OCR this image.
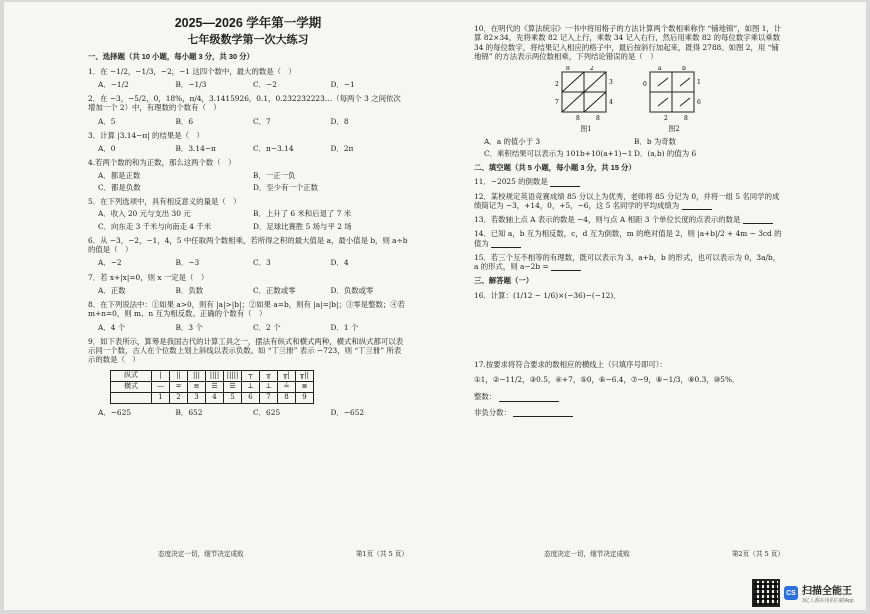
2025—2026 学年第一学期
七年级数学第一次大练习
一、选择题（共 10 小题，每小题 3 分，共 30 分）
1．在 −1/2，−1/3，−2，−1 这四个数中，最大的数是（　）
A．−1/2	B．−1/3	C．−2	D．−1
2．在 −3，−5/2，0，18%，π/4，3.1415926，0.1，0.232232223…（每两个 3 之间依次增加一个 2）中，有理数的个数有（　）
A．5	B．6	C．7	D．8
3．计算 |3.14−π| 的结果是（　）
A．0	B．3.14−π	C．π−3.14	D．2π
4.若两个数的和为正数，那么这两个数（　）
A．都是正数	B．一正一负
C．都是负数	D．至少有一个正数
5．在下列选项中，具有相反意义的量是（　）
A．收入 20 元与支出 30 元	B．上升了 6 米和后退了 7 米
C．向东走 3 千米与向南走 4 千米	D．足球比赛胜 5 场与平 2 场
6．从 −3，−2，−1，4，5 中任取两个数相乘，若所得之积的最大值是 a，最小值是 b，则 a÷b 的值是（　）
A．−2	B．−3	C．3	D．4
7．若 x+|x|=0，则 x 一定是（　）
A．正数	B．负数	C．正数或零	D．负数或零
8．在下列说法中：①如果 a>0，则有 |a|>|b|；②如果 a=b，则有 |a|=|b|；③零是整数；④若 m+n=0，则 m、n 互为相反数。正确的个数有（　）
A．4 个	B．3 个	C．2 个	D．1 个
9．如下表所示，算筹是我国古代的计算工具之一，摆法有纵式和横式两种，横式和纵式都可以表示同一个数，古人在个位数上划上斜线以表示负数。如 “丅亖卌” 表示 −723，则 “丅亖卌” 所表示的数是（　）
纵式	|	||	|||	||||	|||||	┬	╥	╥|	╥||
横式	—	=	≡	☰	☰	⊥	⊥	≟	≣
	1	2	3	4	5	6	7	8	9
A．−625	B．652	C．625	D．−652
态度决定一切，细节决定成败	第1页（共 5 页）
10．在明代的《算法统宗》一书中将用格子的方法计算两个数相乘称作 “铺地锦”，如图 1，计算 82×34，先将乘数 82 记入上行，乘数 34 记入右行，然后用乘数 82 的每位数字乘以乘数 34 的每位数字，将结果记入相应的格子中，最后按斜行加起来，既得 2788。如图 2，用 “铺地锦” 的方法表示两位数相乘，下列结论错误的是（　）
8	2
3
4
2
7
8	8
图1
a	b
0	1
6
2	8
图2
A．a 的值小于 3	B．b 为奇数
C．乘积结果可以表示为 101b+10(a+1)−1 D．(a,b) 的值为 6
二、填空题（共 5 小题，每小题 3 分，共 15 分）
11．−2025 的倒数是
12．某校规定英语竞赛成绩 85 分以上为优秀，老师将 85 分记为 0，并将一组 5 名同学的成绩简记为 −3，+14，0，+5，−6，这 5 名同学的平均成绩为
13．若数轴上点 A 表示的数是 −4，则与点 A 相距 3 个单位长度的点表示的数是
14．已知 a，b 互为相反数，c，d 互为倒数，m 的绝对值是 2，则 |a+b|/2 + 4m − 3cd 的值为
15．若三个互不相等的有理数，既可以表示为 3，a+b，b 的形式，也可以表示为 0，3a/b，a 的形式，则 a−2b =
三、解答题（一）
16．计算：(1/12 − 1/6)×(−36)−(−12)．
17.按要求将符合要求的数相应的横线上（只填序号即可）：
①1，②−11/2，③0.5，④+7，⑤0，⑥−6.4，⑦−9，⑧−1/3，⑨0.3，⑩5%．
整数：
非负分数：
态度决定一切，细节决定成败	第2页（共 5 页）
CS 扫描全能王
3亿人都在用的扫描App
